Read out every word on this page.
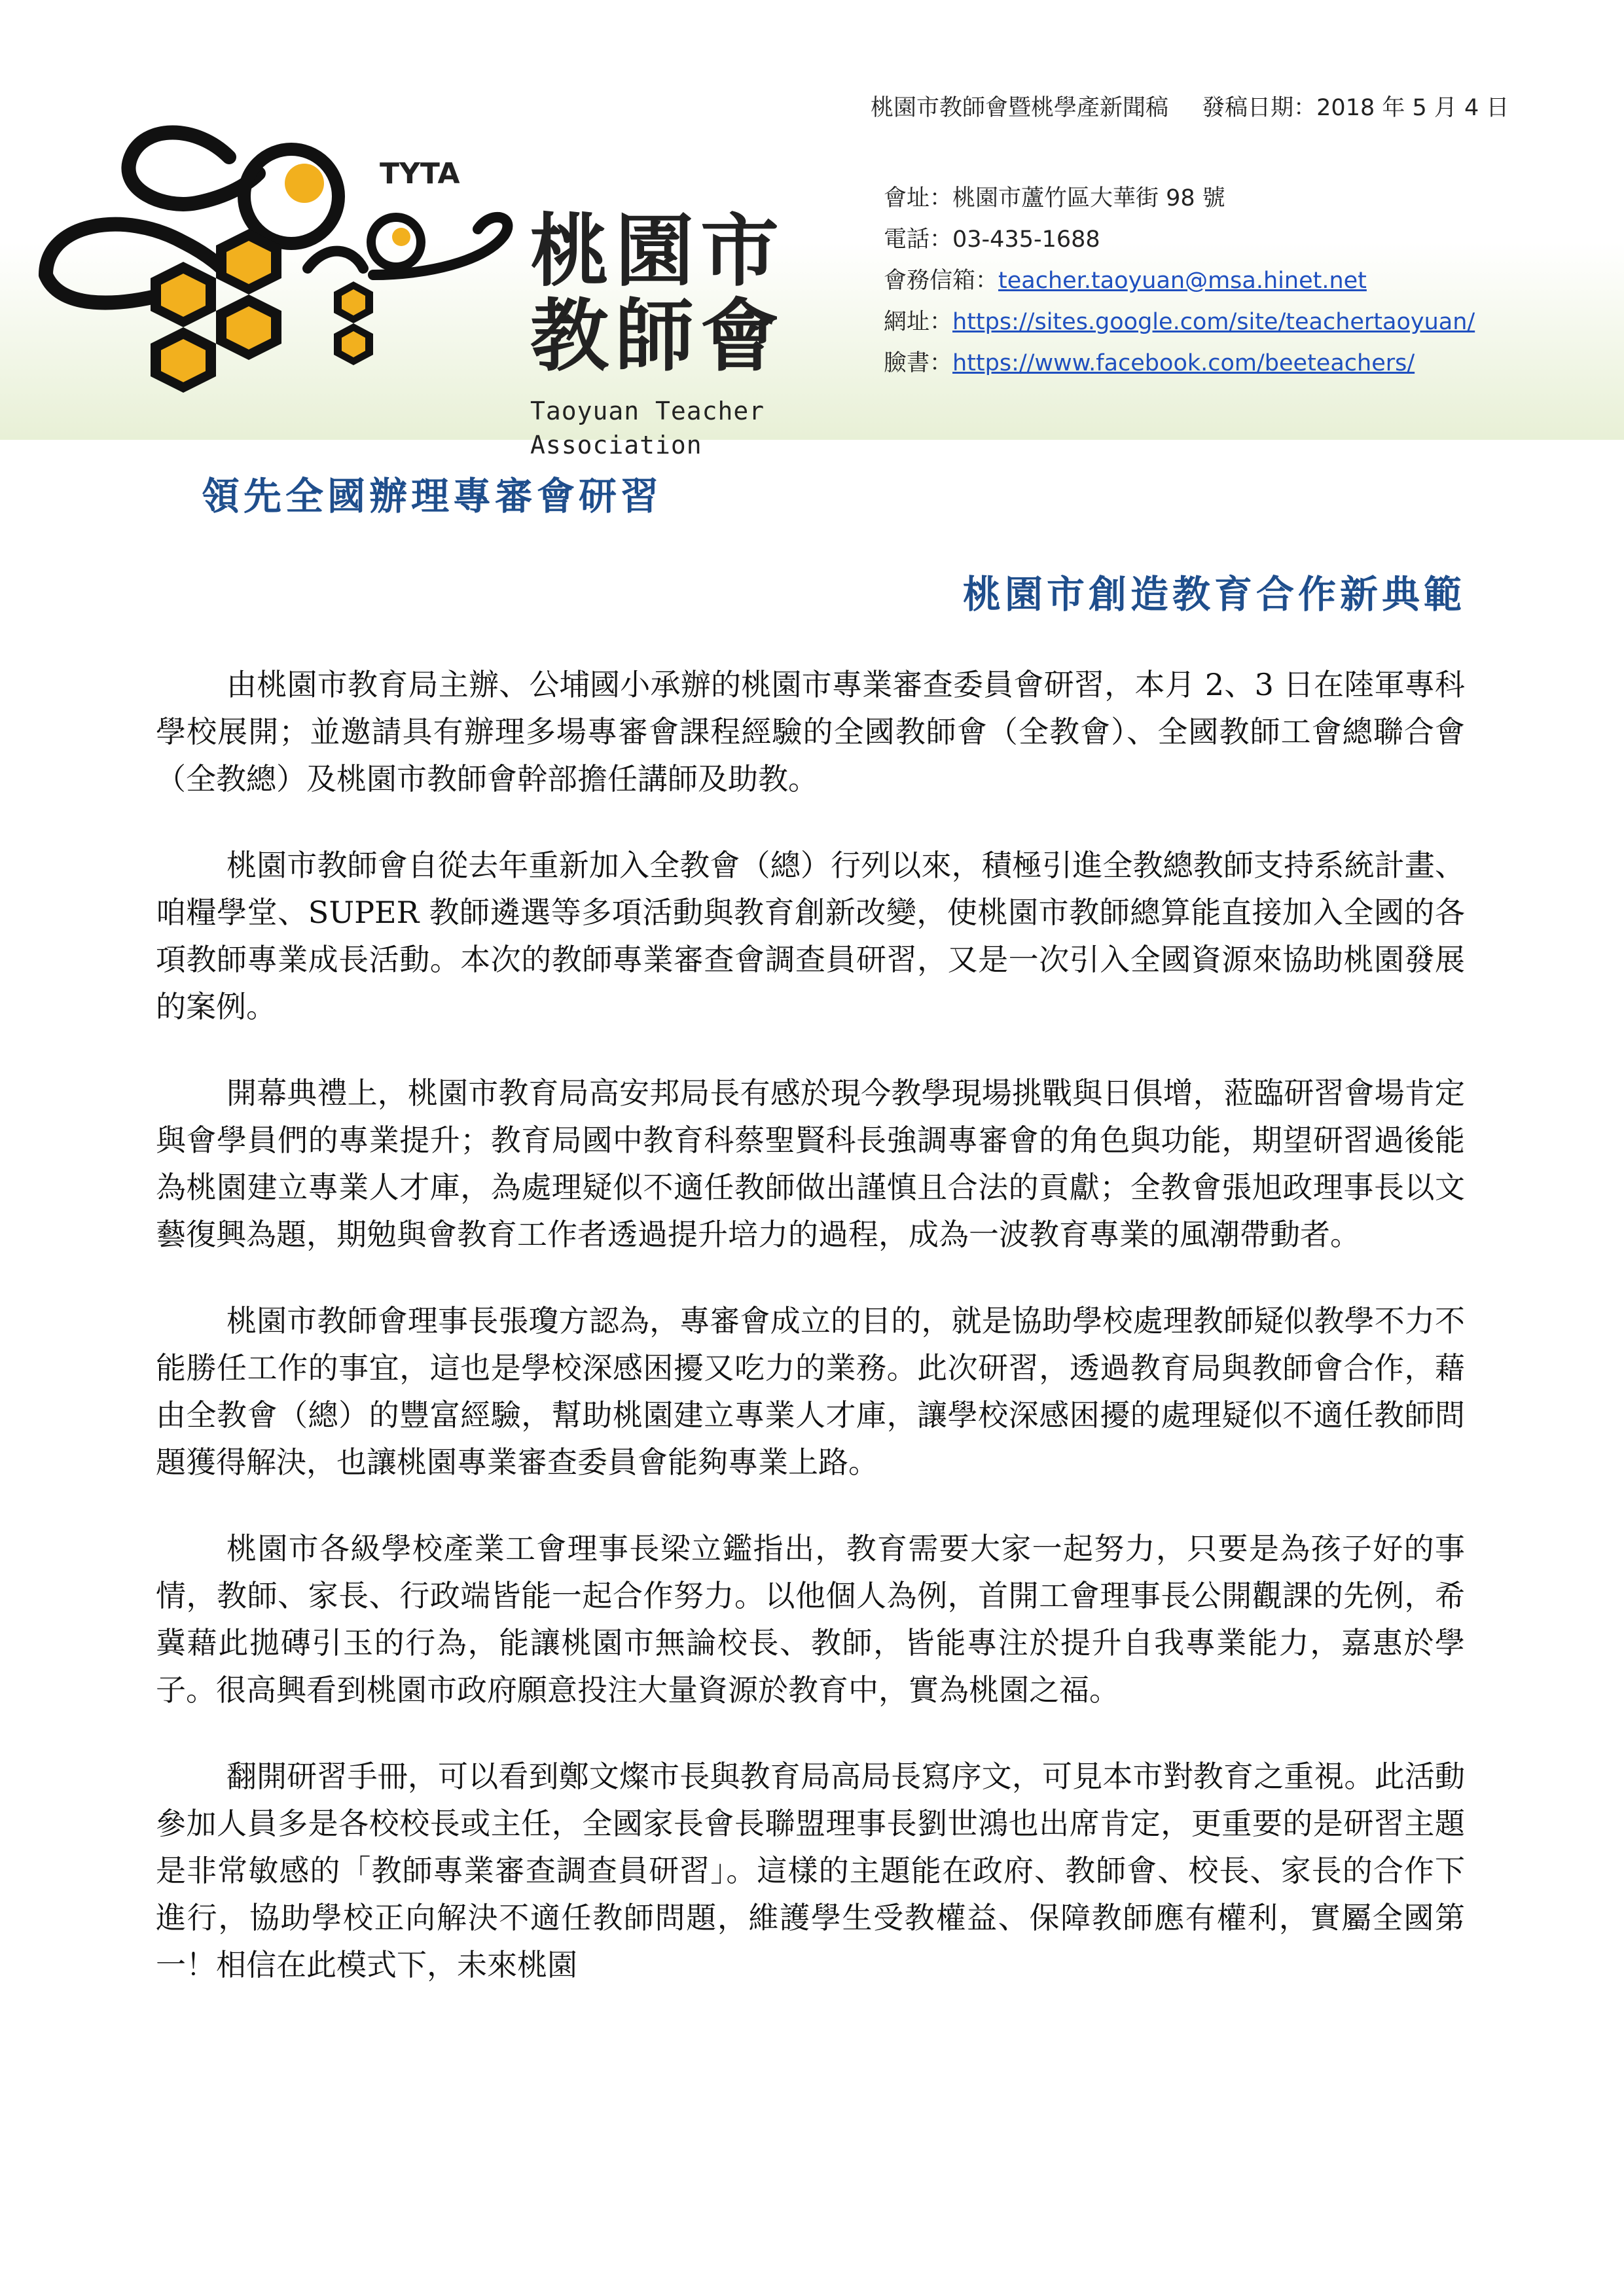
TYTA
桃園市
教師會
Taoyuan Teacher
Association
桃園市教師會暨桃學產新聞稿 發稿日期：2018 年 5 月 4 日
會址：桃園市蘆竹區大華街 98 號
電話：03-435-1688
會務信箱：teacher.taoyuan@msa.hinet.net
網址：https://sites.google.com/site/teachertaoyuan/
臉書：https://www.facebook.com/beeteachers/
領先全國辦理專審會研習
桃園市創造教育合作新典範

由桃園市教育局主辦、公埔國小承辦的桃園市專業審查委員會研習，本月 2、3 日在陸軍專科學校展開；並邀請具有辦理多場專審會課程經驗的全國教師會（全教會）、全國教師工會總聯合會（全教總）及桃園市教師會幹部擔任講師及助教。

桃園市教師會自從去年重新加入全教會（總）行列以來，積極引進全教總教師支持系統計畫、咱糧學堂、SUPER 教師遴選等多項活動與教育創新改變，使桃園市教師總算能直接加入全國的各項教師專業成長活動。本次的教師專業審查會調查員研習，又是一次引入全國資源來協助桃園發展的案例。

開幕典禮上，桃園市教育局高安邦局長有感於現今教學現場挑戰與日俱增，蒞臨研習會場肯定與會學員們的專業提升；教育局國中教育科蔡聖賢科長強調專審會的角色與功能，期望研習過後能為桃園建立專業人才庫，為處理疑似不適任教師做出謹慎且合法的貢獻；全教會張旭政理事長以文藝復興為題，期勉與會教育工作者透過提升培力的過程，成為一波教育專業的風潮帶動者。

桃園市教師會理事長張瓊方認為，專審會成立的目的，就是協助學校處理教師疑似教學不力不能勝任工作的事宜，這也是學校深感困擾又吃力的業務。此次研習，透過教育局與教師會合作，藉由全教會（總）的豐富經驗，幫助桃園建立專業人才庫，讓學校深感困擾的處理疑似不適任教師問題獲得解決，也讓桃園專業審查委員會能夠專業上路。

桃園市各級學校產業工會理事長梁立鑑指出，教育需要大家一起努力，只要是為孩子好的事情，教師、家長、行政端皆能一起合作努力。以他個人為例，首開工會理事長公開觀課的先例，希冀藉此拋磚引玉的行為，能讓桃園市無論校長、教師，皆能專注於提升自我專業能力，嘉惠於學子。很高興看到桃園市政府願意投注大量資源於教育中，實為桃園之福。

翻開研習手冊，可以看到鄭文燦市長與教育局高局長寫序文，可見本市對教育之重視。此活動參加人員多是各校校長或主任，全國家長會長聯盟理事長劉世鴻也出席肯定，更重要的是研習主題是非常敏感的「教師專業審查調查員研習」。這樣的主題能在政府、教師會、校長、家長的合作下進行，協助學校正向解決不適任教師問題，維護學生受教權益、保障教師應有權利，實屬全國第一！相信在此模式下，未來桃園
